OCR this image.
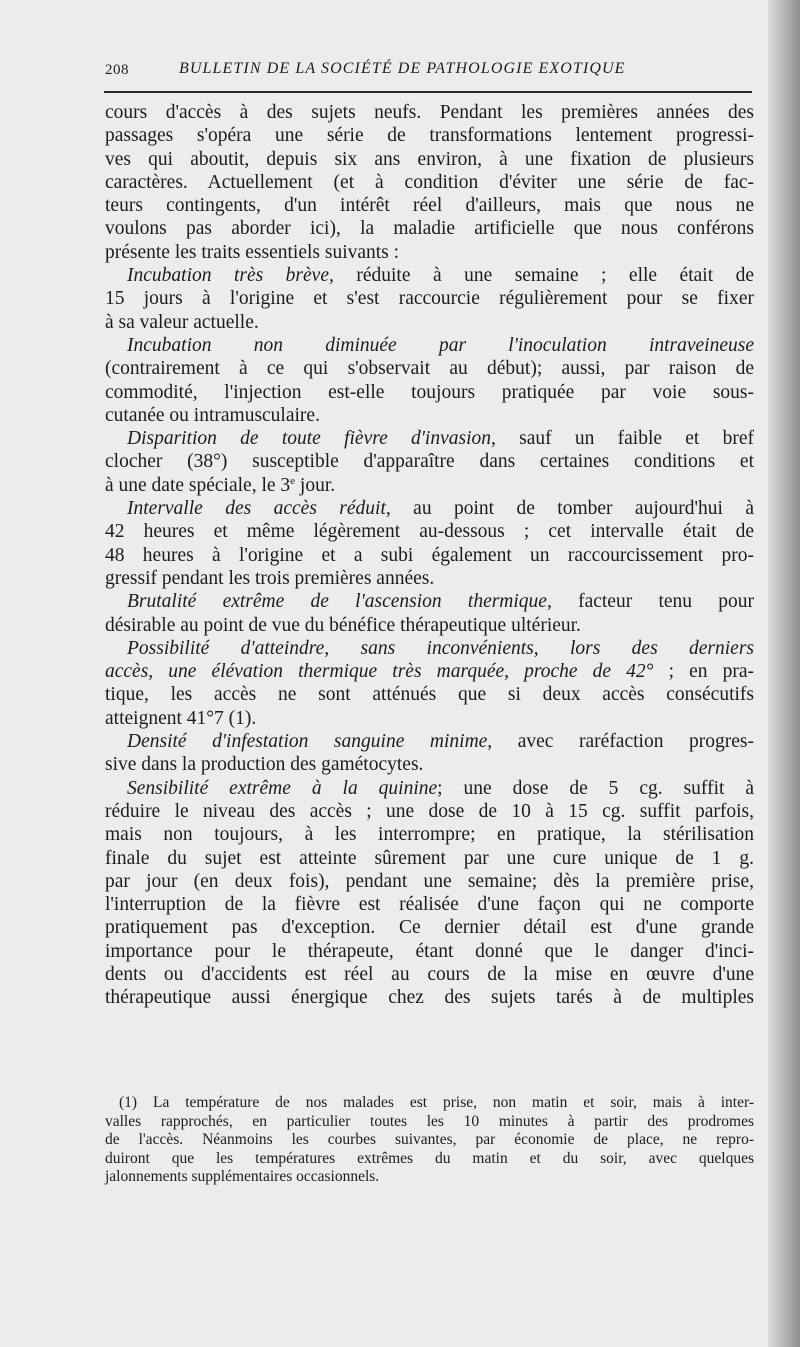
208	BULLETIN DE LA SOCIÉTÉ DE PATHOLOGIE EXOTIQUE
cours d'accès à des sujets neufs. Pendant les premières années des
passages s'opéra une série de transformations lentement progressi-
ves qui aboutit, depuis six ans environ, à une fixation de plusieurs
caractères. Actuellement (et à condition d'éviter une série de fac-
teurs contingents, d'un intérêt réel d'ailleurs, mais que nous ne
voulons pas aborder ici), la maladie artificielle que nous conférons
présente les traits essentiels suivants :
Incubation très brève, réduite à une semaine ; elle était de
15 jours à l'origine et s'est raccourcie régulièrement pour se fixer
à sa valeur actuelle.
Incubation non diminuée par l'inoculation intraveineuse
(contrairement à ce qui s'observait au début); aussi, par raison de
commodité, l'injection est-elle toujours pratiquée par voie sous-
cutanée ou intramusculaire.
Disparition de toute fièvre d'invasion, sauf un faible et bref
clocher (38°) susceptible d'apparaître dans certaines conditions et
à une date spéciale, le 3e jour.
Intervalle des accès réduit, au point de tomber aujourd'hui à
42 heures et même légèrement au-dessous ; cet intervalle était de
48 heures à l'origine et a subi également un raccourcissement pro-
gressif pendant les trois premières années.
Brutalité extrême de l'ascension thermique, facteur tenu pour
désirable au point de vue du bénéfice thérapeutique ultérieur.
Possibilité d'atteindre, sans inconvénients, lors des derniers
accès, une élévation thermique très marquée, proche de 42° ; en pra-
tique, les accès ne sont atténués que si deux accès consécutifs
atteignent 41°7 (1).
Densité d'infestation sanguine minime, avec raréfaction progres-
sive dans la production des gamétocytes.
Sensibilité extrême à la quinine; une dose de 5 cg. suffit à
réduire le niveau des accès ; une dose de 10 à 15 cg. suffit parfois,
mais non toujours, à les interrompre; en pratique, la stérilisation
finale du sujet est atteinte sûrement par une cure unique de 1 g.
par jour (en deux fois), pendant une semaine; dès la première prise,
l'interruption de la fièvre est réalisée d'une façon qui ne comporte
pratiquement pas d'exception. Ce dernier détail est d'une grande
importance pour le thérapeute, étant donné que le danger d'inci-
dents ou d'accidents est réel au cours de la mise en œuvre d'une
thérapeutique aussi énergique chez des sujets tarés à de multiples
(1) La température de nos malades est prise, non matin et soir, mais à inter-
valles rapprochés, en particulier toutes les 10 minutes à partir des prodromes
de l'accès. Néanmoins les courbes suivantes, par économie de place, ne repro-
duiront que les températures extrêmes du matin et du soir, avec quelques
jalonnements supplémentaires occasionnels.
